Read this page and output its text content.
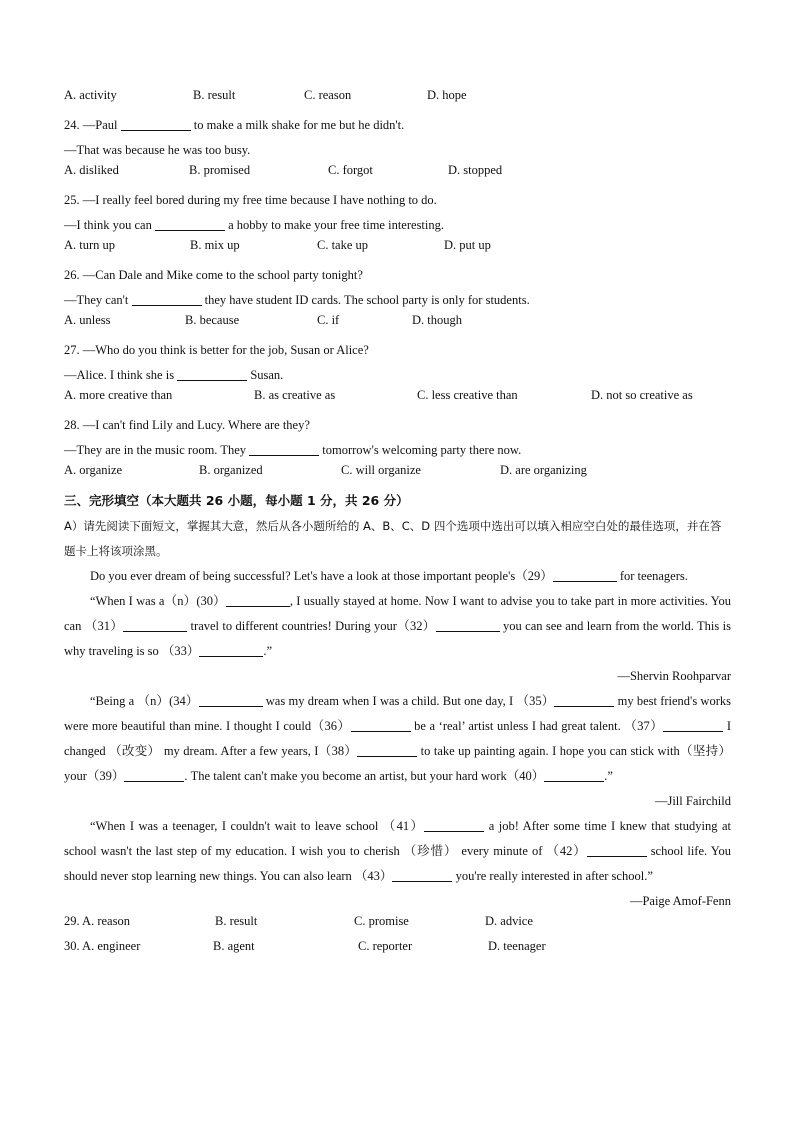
A. activity	B. result	C. reason	D. hope
24. —Paul	to make a milk shake for me but he didn't.
—That was because he was too busy.
A. disliked	B. promised	C. forgot	D. stopped
25. —I really feel bored during my free time because I have nothing to do.
—I think you can	a hobby to make your free time interesting.
A. turn up	B. mix up	C. take up	D. put up
26. —Can Dale and Mike come to the school party tonight?
—They can't	they have student ID cards. The school party is only for students.
A. unless	B. because	C. if	D. though
27. —Who do you think is better for the job, Susan or Alice?
—Alice. I think she is	Susan.
A. more creative than	B. as creative as	C. less creative than	D. not so creative as
28. —I can't find Lily and Lucy. Where are they?
—They are in the music room. They	tomorrow's welcoming party there now.
A. organize	B. organized	C. will organize	D. are organizing
三、完形填空（本大题共 26 小题，每小题 1 分，共 26 分）
A）请先阅读下面短文，掌握其大意，然后从各小题所给的 A、B、C、D 四个选项中选出可以填入相应空白处的最佳选项，并在答题卡上将该项涂黑。
Do you ever dream of being successful? Let's have a look at those important people's（29）	for teenagers.
“When I was a（n）(30）	, I usually stayed at home. Now I want to advise you to take part in more activities. You can （31）	travel to different countries! During your（32）	you can see and learn from the world. This is why traveling is so （33）	.”
—Shervin Roohparvar
“Being a （n）(34）	was my dream when I was a child. But one day, I （35）	my best friend's works were more beautiful than mine. I thought I could（36）	be a ‘real’ artist unless I had great talent. （37）	I changed （改变） my dream. After a few years, I（38）	to take up painting again. I hope you can stick with（坚持） your（39）	. The talent can't make you become an artist, but your hard work（40）	.”
—Jill Fairchild
“When I was a teenager, I couldn't wait to leave school （41）	a job! After some time I knew that studying at school wasn't the last step of my education. I wish you to cherish （珍惜） every minute of （42）	school life. You should never stop learning new things. You can also learn （43）	you're really interested in after school.”
—Paige Amof-Fenn
29. A. reason	B. result	C. promise	D. advice
30. A. engineer	B. agent	C. reporter	D. teenager
